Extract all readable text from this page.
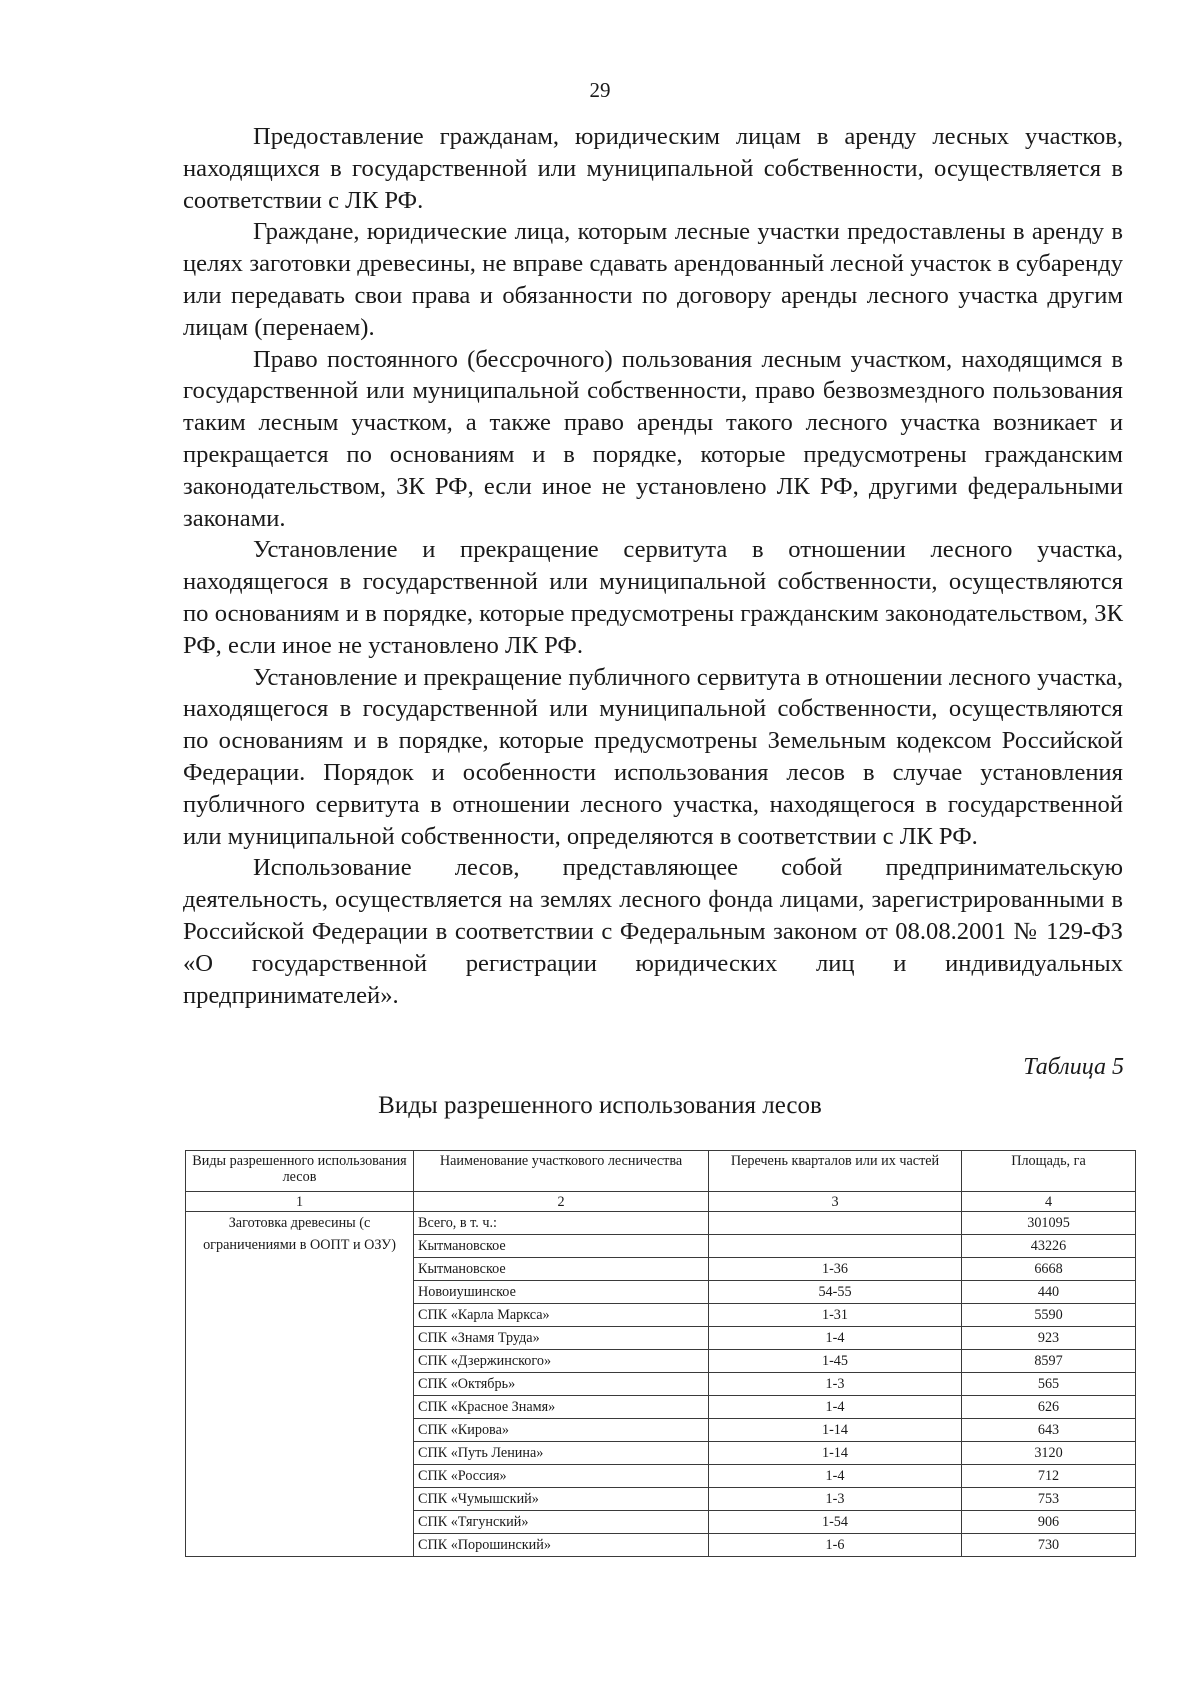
29

Предоставление гражданам, юридическим лицам в аренду лесных участков, находящихся в государственной или муниципальной собственности, осуществляется в соответствии с ЛК РФ.

Граждане, юридические лица, которым лесные участки предоставлены в аренду в целях заготовки древесины, не вправе сдавать арендованный лесной участок в субаренду или передавать свои права и обязанности по договору аренды лесного участка другим лицам (перенаем).

Право постоянного (бессрочного) пользования лесным участком, находящимся в государственной или муниципальной собственности, право безвозмездного пользования таким лесным участком, а также право аренды такого лесного участка возникает и прекращается по основаниям и в порядке, которые предусмотрены гражданским законодательством, ЗК РФ, если иное не установлено ЛК РФ, другими федеральными законами.

Установление и прекращение сервитута в отношении лесного участка, находящегося в государственной или муниципальной собственности, осуществляются по основаниям и в порядке, которые предусмотрены гражданским законодательством, ЗК РФ, если иное не установлено ЛК РФ.

Установление и прекращение публичного сервитута в отношении лесного участка, находящегося в государственной или муниципальной собственности, осуществляются по основаниям и в порядке, которые предусмотрены Земельным кодексом Российской Федерации. Порядок и особенности использования лесов в случае установления публичного сервитута в отношении лесного участка, находящегося в государственной или муниципальной собственности, определяются в соответствии с ЛК РФ.

Использование лесов, представляющее собой предпринимательскую деятельность, осуществляется на землях лесного фонда лицами, зарегистрированными в Российской Федерации в соответствии с Федеральным законом от 08.08.2001 № 129-ФЗ «О государственной регистрации юридических лиц и индивидуальных предпринимателей».

Таблица 5
Виды разрешенного использования лесов
Виды разрешенного использования лесов	Наименование участкового лесничества	Перечень кварталов или их частей	Площадь, га
1	2	3	4
Заготовка древесины (с ограничениями в ООПТ и ОЗУ)	Всего, в т. ч.:		301095
	Кытмановское		43226
	Кытмановское	1-36	6668
	Новоиушинское	54-55	440
	СПК «Карла Маркса»	1-31	5590
	СПК «Знамя Труда»	1-4	923
	СПК «Дзержинского»	1-45	8597
	СПК «Октябрь»	1-3	565
	СПК «Красное Знамя»	1-4	626
	СПК «Кирова»	1-14	643
	СПК «Путь Ленина»	1-14	3120
	СПК «Россия»	1-4	712
	СПК «Чумышский»	1-3	753
	СПК «Тягунский»	1-54	906
	СПК «Порошинский»	1-6	730
